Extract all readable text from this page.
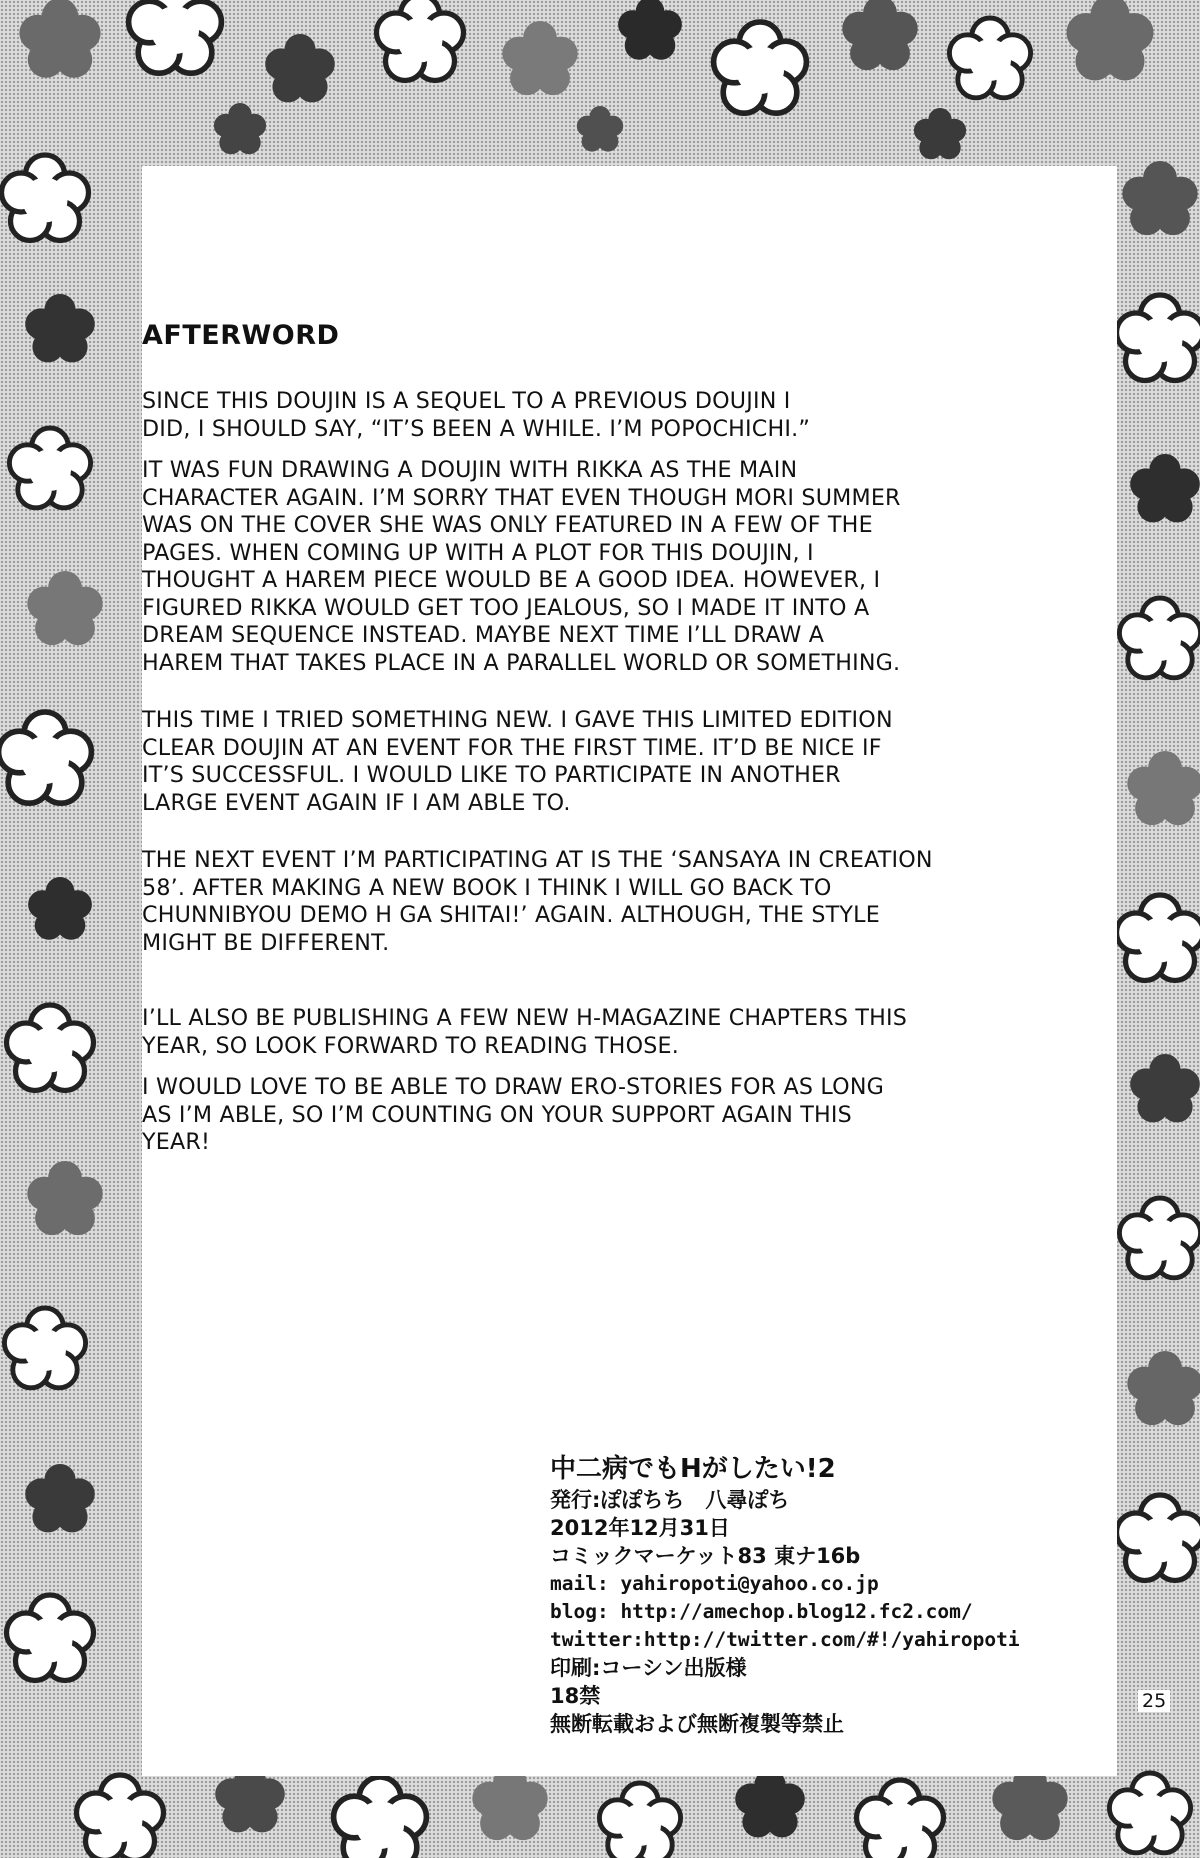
AFTERWORD

SINCE THIS DOUJIN IS A SEQUEL TO A PREVIOUS DOUJIN I
DID, I SHOULD SAY, “IT’S BEEN A WHILE. I’M POPOCHICHI.”

IT WAS FUN DRAWING A DOUJIN WITH RIKKA AS THE MAIN
CHARACTER AGAIN. I’M SORRY THAT EVEN THOUGH MORI SUMMER
WAS ON THE COVER SHE WAS ONLY FEATURED IN A FEW OF THE
PAGES. WHEN COMING UP WITH A PLOT FOR THIS DOUJIN, I
THOUGHT A HAREM PIECE WOULD BE A GOOD IDEA. HOWEVER, I
FIGURED RIKKA WOULD GET TOO JEALOUS, SO I MADE IT INTO A
DREAM SEQUENCE INSTEAD. MAYBE NEXT TIME I’LL DRAW A
HAREM THAT TAKES PLACE IN A PARALLEL WORLD OR SOMETHING.

THIS TIME I TRIED SOMETHING NEW. I GAVE THIS LIMITED EDITION
CLEAR DOUJIN AT AN EVENT FOR THE FIRST TIME. IT’D BE NICE IF
IT’S SUCCESSFUL. I WOULD LIKE TO PARTICIPATE IN ANOTHER
LARGE EVENT AGAIN IF I AM ABLE TO.

THE NEXT EVENT I’M PARTICIPATING AT IS THE ‘SANSAYA IN CREATION
58’. AFTER MAKING A NEW BOOK I THINK I WILL GO BACK TO
CHUNNIBYOU DEMO H GA SHITAI!’ AGAIN. ALTHOUGH, THE STYLE
MIGHT BE DIFFERENT.

I’LL ALSO BE PUBLISHING A FEW NEW H-MAGAZINE CHAPTERS THIS
YEAR, SO LOOK FORWARD TO READING THOSE.

I WOULD LOVE TO BE ABLE TO DRAW ERO-STORIES FOR AS LONG
AS I’M ABLE, SO I’M COUNTING ON YOUR SUPPORT AGAIN THIS
YEAR!

中二病でもHがしたい!2
発行:ぽぽちち　八尋ぽち
2012年12月31日
コミックマーケット83 東ナ16b
mail: yahiropoti@yahoo.co.jp
blog: http://amechop.blog12.fc2.com/
twitter:http://twitter.com/#!/yahiropoti
印刷:コーシン出版様
18禁
無断転載および無断複製等禁止
25
